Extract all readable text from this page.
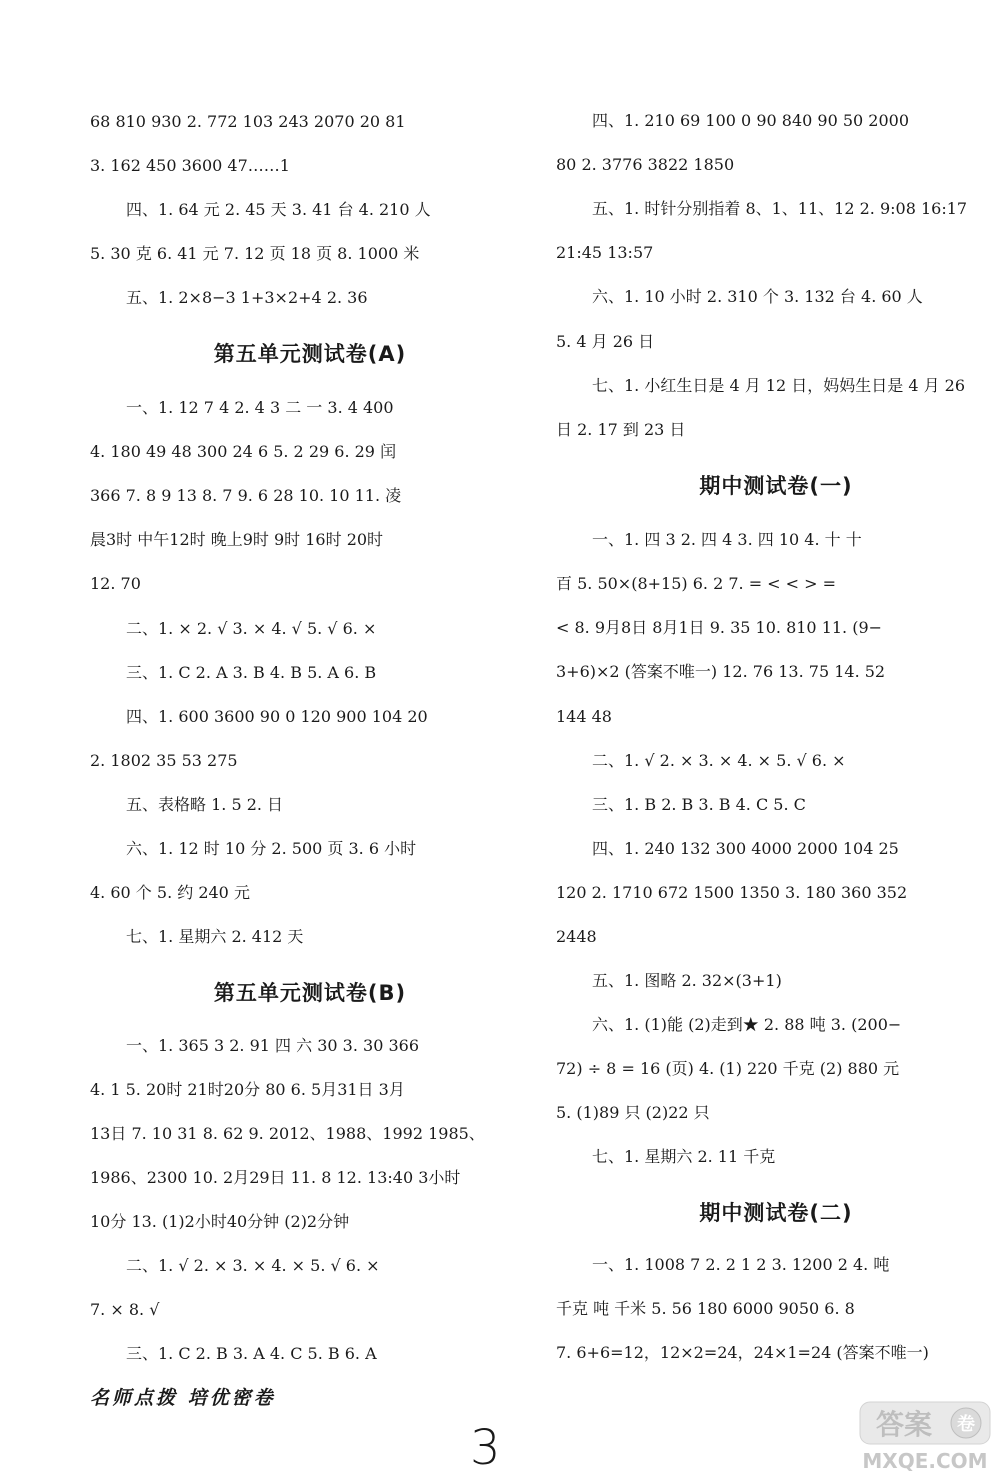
68 810 930 2. 772 103 243 2070 20 81
3. 162 450 3600 47……1
四、1. 64 元 2. 45 天 3. 41 台 4. 210 人
5. 30 克 6. 41 元 7. 12 页 18 页 8. 1000 米
五、1. 2×8−3 1+3×2+4 2. 36
第五单元测试卷(A)
一、1. 12 7 4 2. 4 3 二 一 3. 4 400
4. 180 49 48 300 24 6 5. 2 29 6. 29 闰
366 7. 8 9 13 8. 7 9. 6 28 10. 10 11. 凌
晨3时 中午12时 晚上9时 9时 16时 20时
12. 70
二、1. × 2. √ 3. × 4. √ 5. √ 6. ×
三、1. C 2. A 3. B 4. B 5. A 6. B
四、1. 600 3600 90 0 120 900 104 20
2. 1802 35 53 275
五、表格略 1. 5 2. 日
六、1. 12 时 10 分 2. 500 页 3. 6 小时
4. 60 个 5. 约 240 元
七、1. 星期六 2. 412 天
第五单元测试卷(B)
一、1. 365 3 2. 91 四 六 30 3. 30 366
4. 1 5. 20时 21时20分 80 6. 5月31日 3月
13日 7. 10 31 8. 62 9. 2012、1988、1992 1985、
1986、2300 10. 2月29日 11. 8 12. 13:40 3小时
10分 13. (1)2小时40分钟 (2)2分钟
二、1. √ 2. × 3. × 4. × 5. √ 6. ×
7. × 8. √
三、1. C 2. B 3. A 4. C 5. B 6. A
四、1. 210 69 100 0 90 840 90 50 2000
80 2. 3776 3822 1850
五、1. 时针分别指着 8、1、11、12 2. 9:08 16:17
21:45 13:57
六、1. 10 小时 2. 310 个 3. 132 台 4. 60 人
5. 4 月 26 日
七、1. 小红生日是 4 月 12 日，妈妈生日是 4 月 26
日 2. 17 到 23 日
期中测试卷(一)
一、1. 四 3 2. 四 4 3. 四 10 4. 十 十
百 5. 50×(8+15) 6. 2 7. = < < > =
< 8. 9月8日 8月1日 9. 35 10. 810 11. (9−
3+6)×2 (答案不唯一) 12. 76 13. 75 14. 52
144 48
二、1. √ 2. × 3. × 4. × 5. √ 6. ×
三、1. B 2. B 3. B 4. C 5. C
四、1. 240 132 300 4000 2000 104 25
120 2. 1710 672 1500 1350 3. 180 360 352
2448
五、1. 图略 2. 32×(3+1)
六、1. (1)能 (2)走到★ 2. 88 吨 3. (200−
72) ÷ 8 = 16 (页) 4. (1) 220 千克 (2) 880 元
5. (1)89 只 (2)22 只
七、1. 星期六 2. 11 千克
期中测试卷(二)
一、1. 1008 7 2. 2 1 2 3. 1200 2 4. 吨
千克 吨 千米 5. 56 180 6000 9050 6. 8
7. 6+6=12，12×2=24，24×1=24 (答案不唯一)
名师点拨 培优密卷
3	答案 卷
MXQE.COM
